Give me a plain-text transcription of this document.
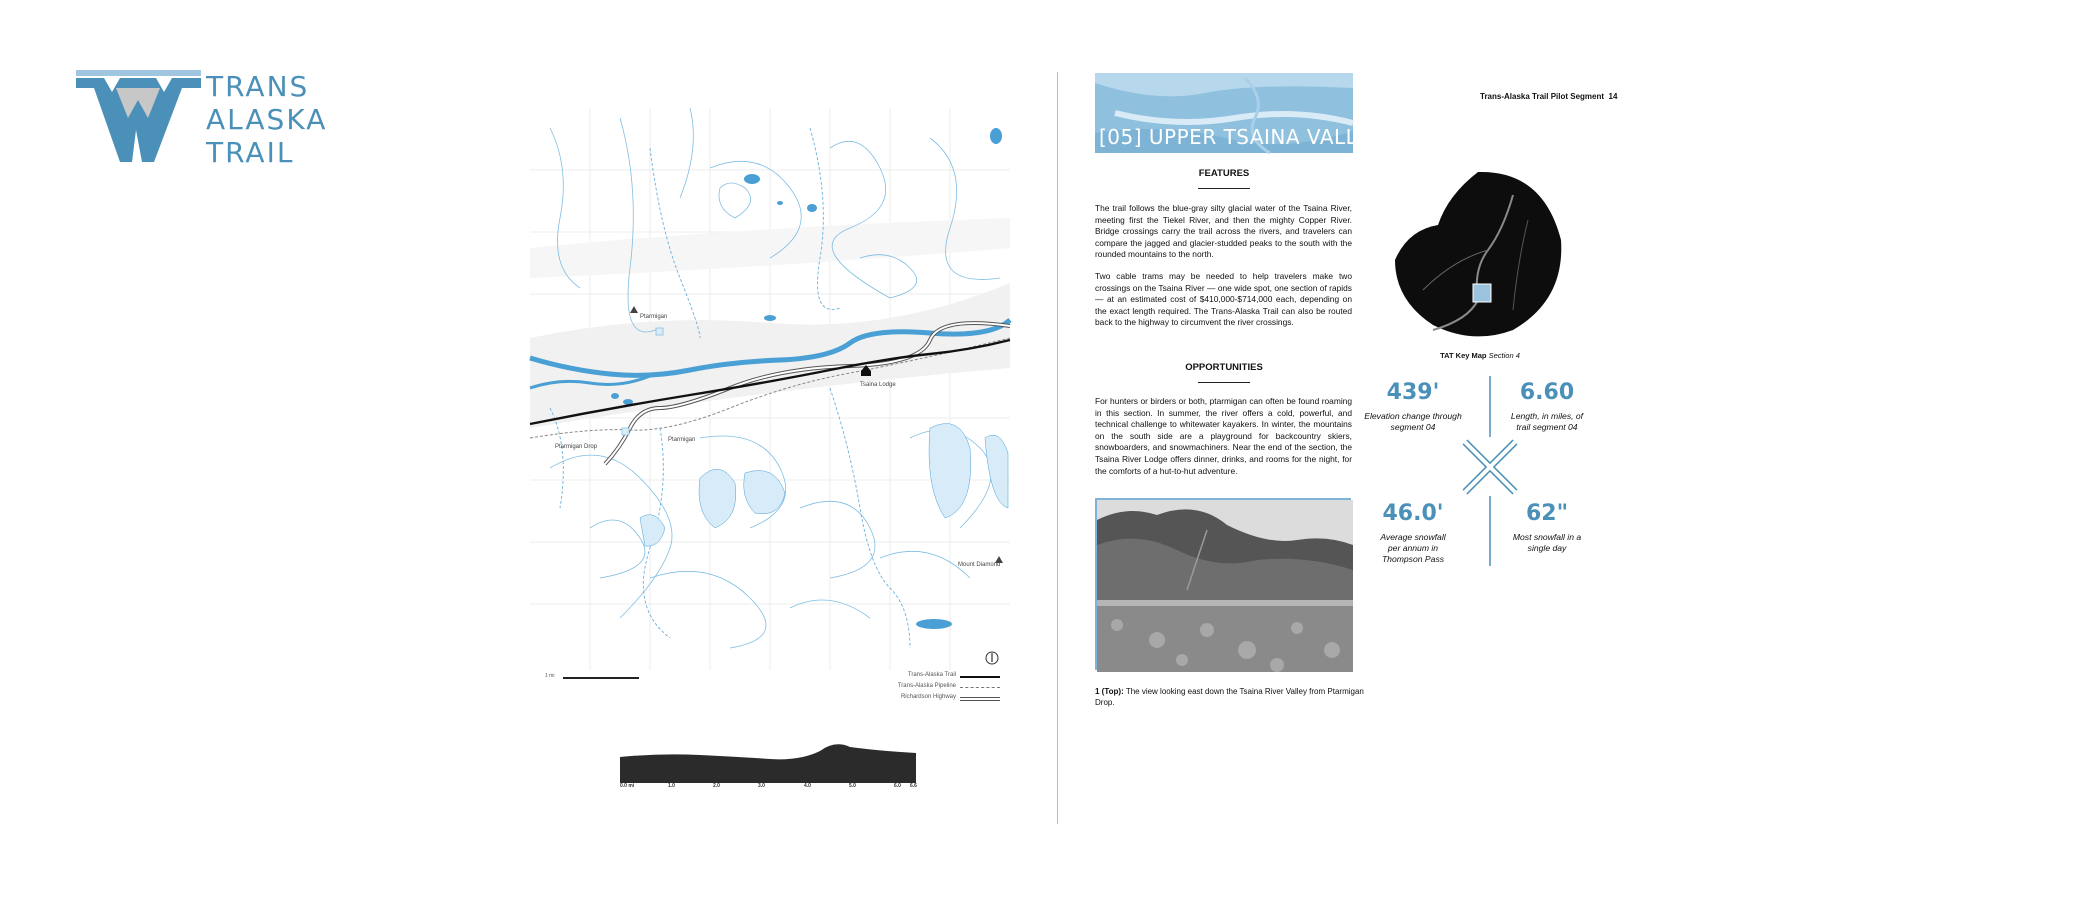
TRANS
ALASKA
TRAIL
Ptarmigan
Tsaina Lodge
Ptarmigan Drop
Ptarmigan
Mount Diamond
1 mi	Trans-Alaska Trail
Trans-Alaska Pipeline
Richardson Highway
0.0 mi	1.0	2.0	3.0	4.0	5.0	6.0 6.6
[05] UPPER TSAINA VALLEY
Trans-Alaska Trail Pilot Segment 14
FEATURES

The trail follows the blue-gray silty glacial water of the Tsaina River, meeting first the Tiekel River, and then the mighty Copper River. Bridge crossings carry the trail across the rivers, and travelers can compare the jagged and glacier-studded peaks to the south with the rounded mountains to the north.

Two cable trams may be needed to help travelers make two crossings on the Tsaina River — one wide spot, one section of rapids — at an estimated cost of $410,000-$714,000 each, depending on the exact length required. The Trans-Alaska Trail can also be routed back to the highway to circumvent the river crossings.

OPPORTUNITIES

For hunters or birders or both, ptarmigan can often be found roaming in this section. In summer, the river offers a cold, powerful, and technical challenge to whitewater kayakers. In winter, the mountains on the south side are a playground for backcountry skiers, snowboarders, and snowmachiners. Near the end of the section, the Tsaina River Lodge offers dinner, drinks, and rooms for the night, for the comforts of a hut-to-hut adventure.

1 (Top): The view looking east down the Tsaina River Valley from Ptarmigan Drop.
TAT Key Map Section 4
439'
Elevation change through segment 04
6.60
Length, in miles, of trail segment 04
46.0'
Average snowfall per annum in Thompson Pass
62"
Most snowfall in a single day
